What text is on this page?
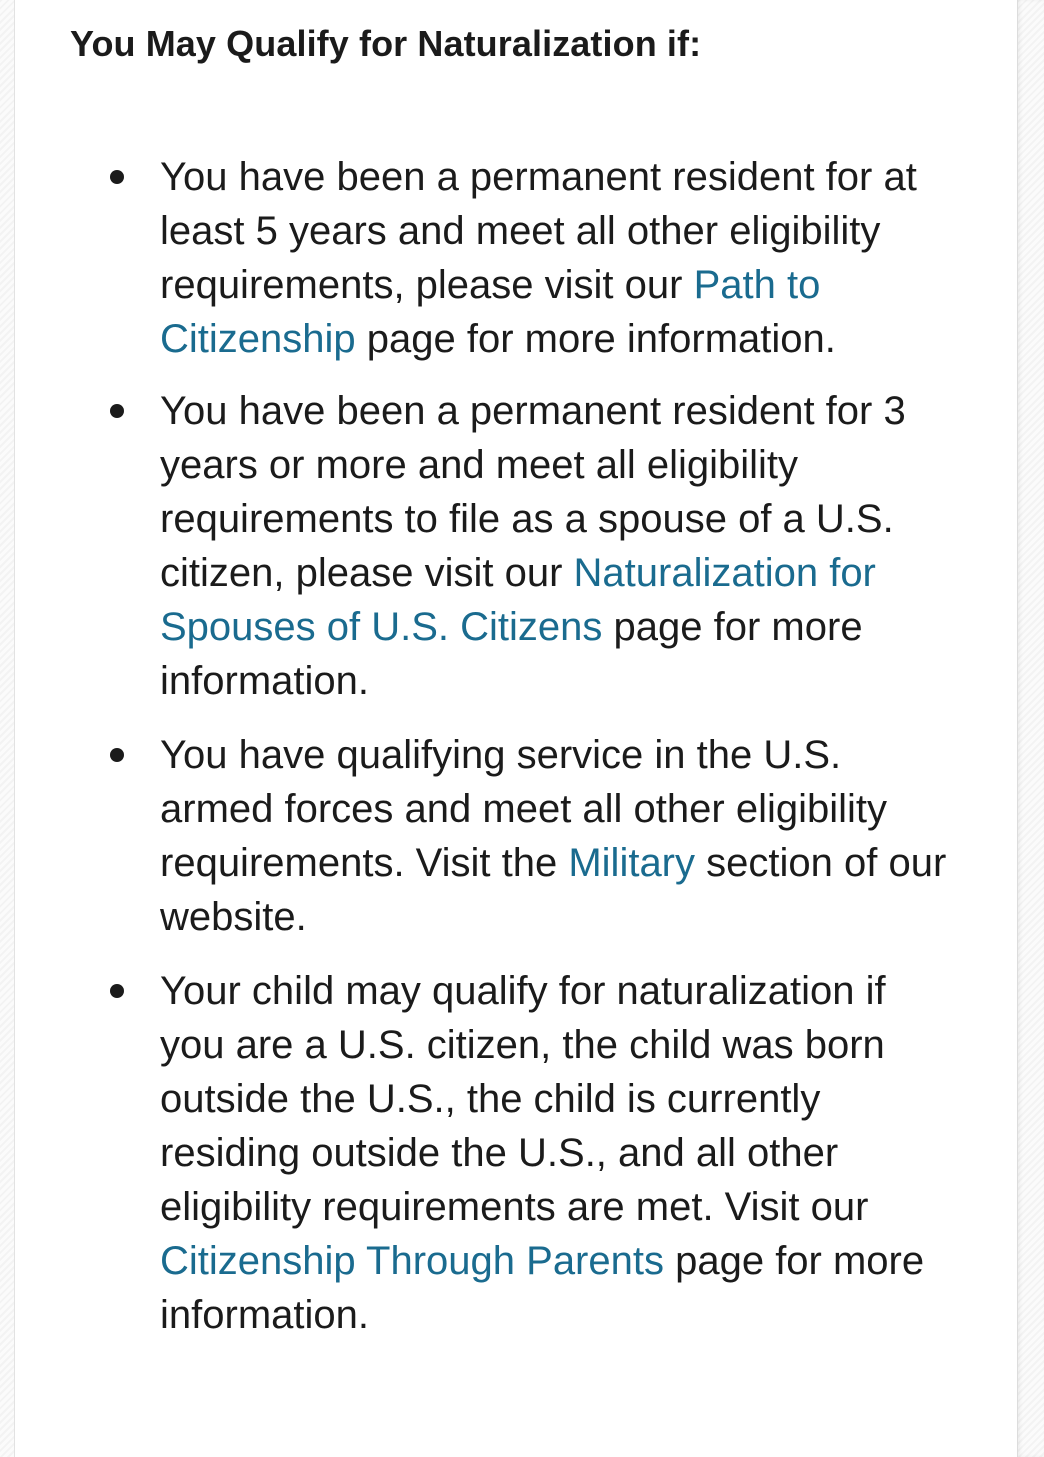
You May Qualify for Naturalization if:
You have been a permanent resident for at least 5 years and meet all other eligibility requirements, please visit our Path to Citizenship page for more information.
You have been a permanent resident for 3 years or more and meet all eligibility requirements to file as a spouse of a U.S. citizen, please visit our Naturalization for Spouses of U.S. Citizens page for more information.
You have qualifying service in the U.S. armed forces and meet all other eligibility requirements. Visit the Military section of our website.
Your child may qualify for naturalization if you are a U.S. citizen, the child was born outside the U.S., the child is currently residing outside the U.S., and all other eligibility requirements are met. Visit our Citizenship Through Parents page for more information.
